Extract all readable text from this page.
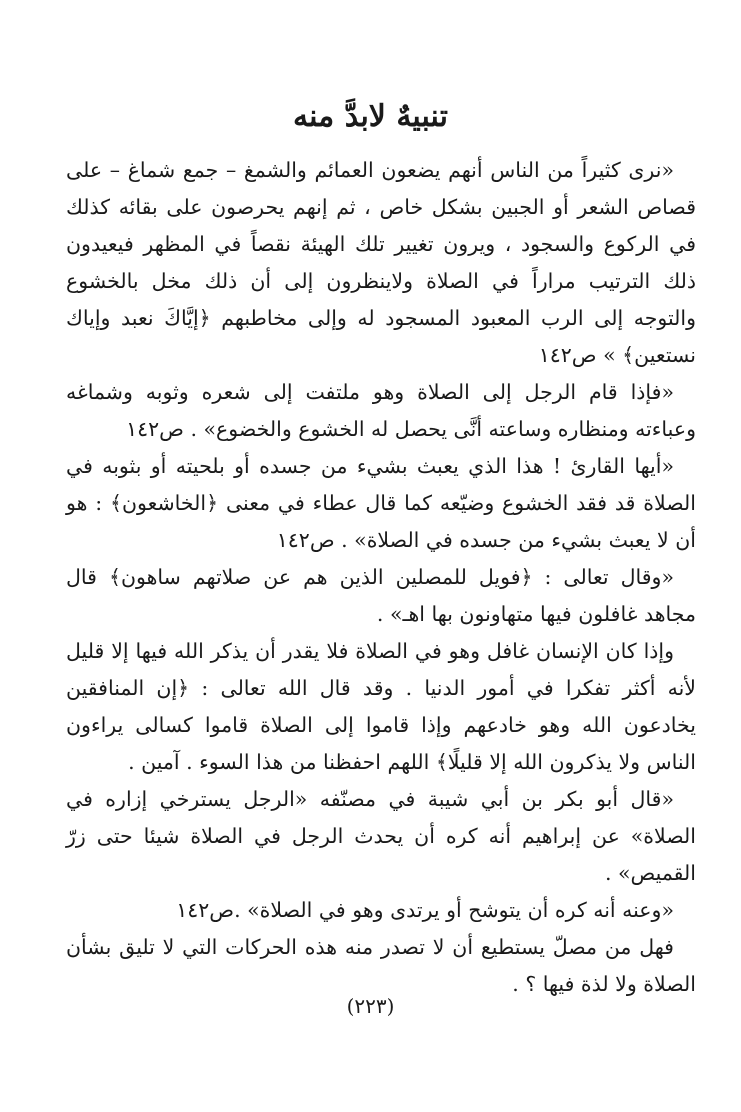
تنبيهٌ لابدَّ منه

«نرى كثيراً من الناس أنهم يضعون العمائم والشمغ – جمع شماغ – على قصاص الشعر أو الجبين بشكل خاص ، ثم إنهم يحرصون على بقائه كذلك في الركوع والسجود ، ويرون تغيير تلك الهيئة نقصاً في المظهر فيعيدون ذلك الترتيب مراراً في الصلاة ولاينظرون إلى أن ذلك مخل بالخشوع والتوجه إلى الرب المعبود المسجود له وإلى مخاطبهم ﴿إيَّاكَ نعبد وإياك نستعين﴾ » ص١٤٢

«فإذا قام الرجل إلى الصلاة وهو ملتفت إلى شعره وثوبه وشماغه وعباءته ومنظاره وساعته أنَّى يحصل له الخشوع والخضوع» . ص١٤٢

«أيها القارئ ! هذا الذي يعبث بشيء من جسده أو بلحيته أو بثوبه في الصلاة قد فقد الخشوع وضيّعه كما قال عطاء في معنى ﴿الخاشعون﴾ : هو أن لا يعبث بشيء من جسده في الصلاة» . ص١٤٢

«وقال تعالى : ﴿فويل للمصلين الذين هم عن صلاتهم ساهون﴾ قال مجاهد غافلون فيها متهاونون بها اهـ» .

وإذا كان الإنسان غافل وهو في الصلاة فلا يقدر أن يذكر الله فيها إلا قليل لأنه أكثر تفكرا في أمور الدنيا . وقد قال الله تعالى : ﴿إن المنافقين يخادعون الله وهو خادعهم وإذا قاموا إلى الصلاة قاموا كسالى يراءون الناس ولا يذكرون الله إلا قليلًا﴾ اللهم احفظنا من هذا السوء . آمين .

«قال أبو بكر بن أبي شيبة في مصنّفه «الرجل يسترخي إزاره في الصلاة» عن إبراهيم أنه كره أن يحدث الرجل في الصلاة شيئا حتى زرّ القميص» .

«وعنه أنه كره أن يتوشح أو يرتدى وهو في الصلاة» .ص١٤٢

فهل من مصلّ يستطيع أن لا تصدر منه هذه الحركات التي لا تليق بشأن الصلاة ولا لذة فيها ؟ .

(٢٢٣)
